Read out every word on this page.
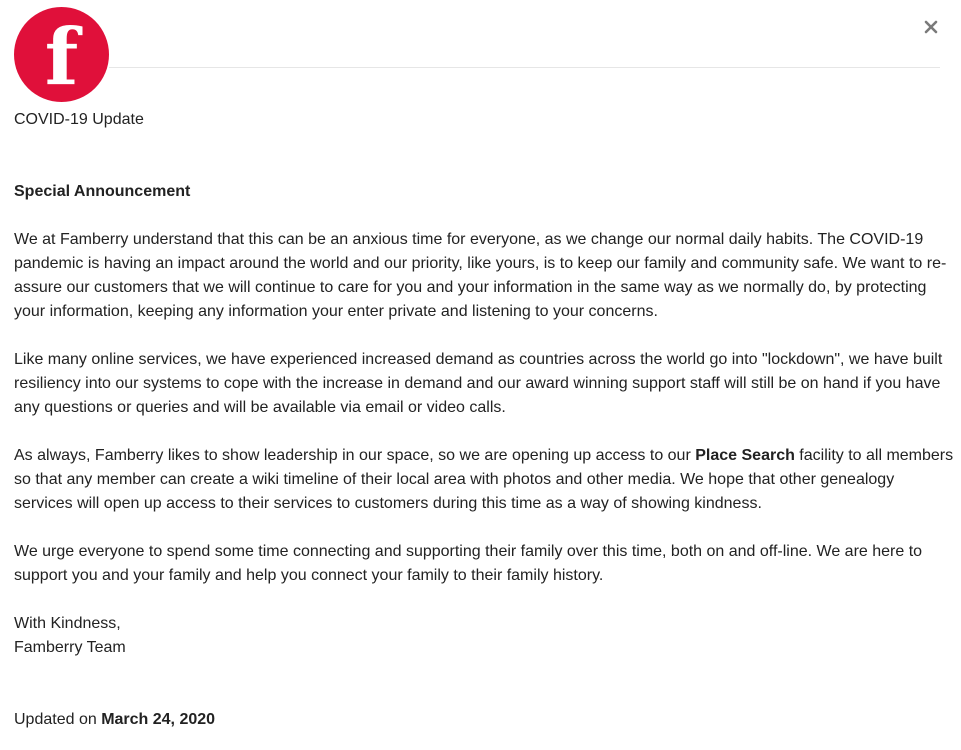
f
COVID-19 Update

Special Announcement

We at Famberry understand that this can be an anxious time for everyone, as we change our normal daily habits. The COVID-19 pandemic is having an impact around the world and our priority, like yours, is to keep our family and community safe. We want to re-assure our customers that we will continue to care for you and your information in the same way as we normally do, by protecting your information, keeping any information your enter private and listening to your concerns.

Like many online services, we have experienced increased demand as countries across the world go into "lockdown", we have built resiliency into our systems to cope with the increase in demand and our award winning support staff will still be on hand if you have any questions or queries and will be available via email or video calls.

As always, Famberry likes to show leadership in our space, so we are opening up access to our Place Search facility to all members so that any member can create a wiki timeline of their local area with photos and other media. We hope that other genealogy services will open up access to their services to customers during this time as a way of showing kindness.

We urge everyone to spend some time connecting and supporting their family over this time, both on and off-line. We are here to support you and your family and help you connect your family to their family history.

With Kindness,
Famberry Team

Updated on March 24, 2020
